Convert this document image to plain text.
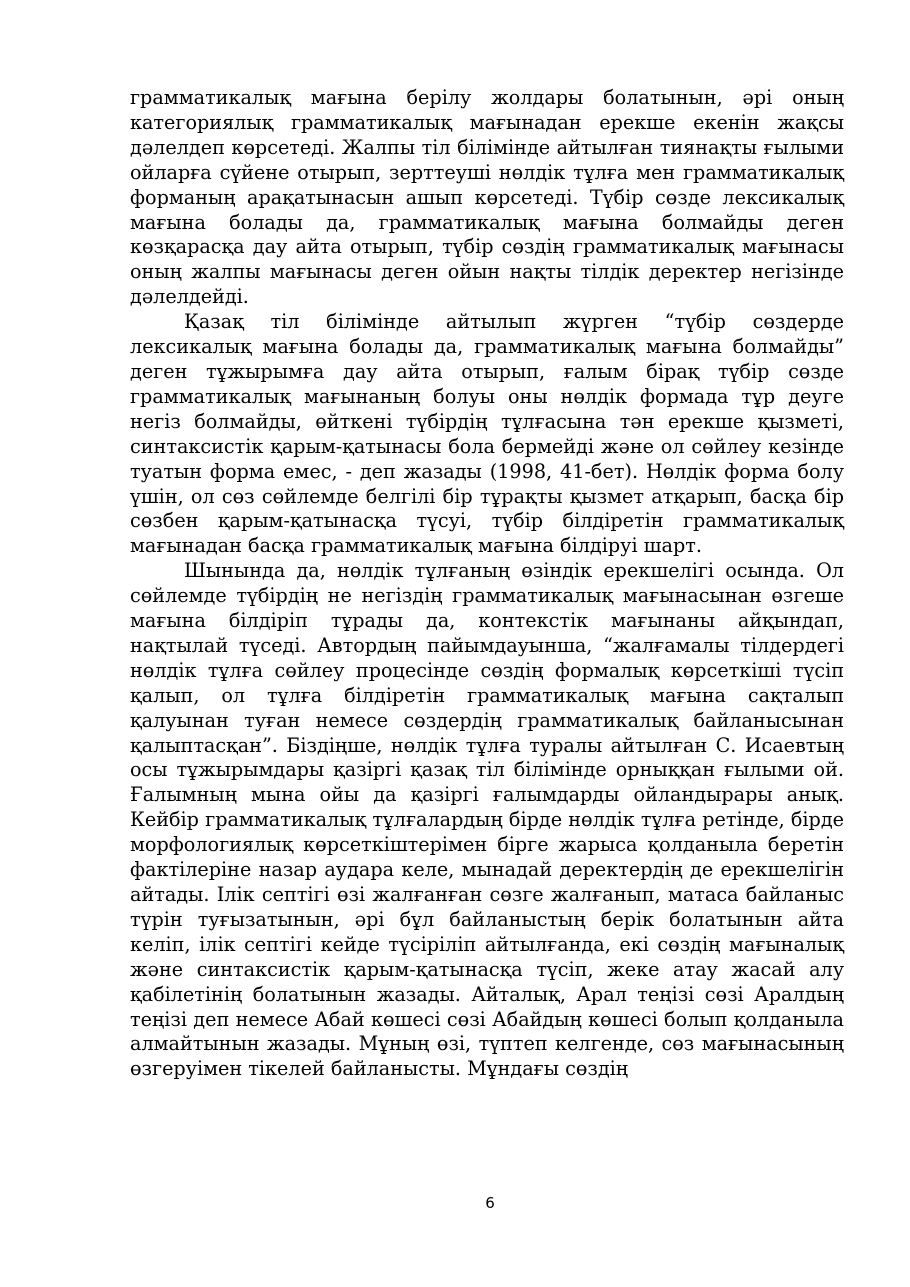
грамматикалық мағына берілу жолдары болатынын, әрі оның категориялық грамматикалық мағынадан ерекше екенін жақсы дәлелдеп көрсетеді. Жалпы тіл білімінде айтылған тиянақты ғылыми ойларға сүйене отырып, зерттеуші нөлдік тұлға мен грамматикалық форманың арақатынасын ашып көрсетеді. Түбір сөзде лексикалық мағына болады да, грамматикалық мағына болмайды деген көзқарасқа дау айта отырып, түбір сөздің грамматикалық мағынасы оның жалпы мағынасы деген ойын нақты тілдік деректер негізінде дәлелдейді.

Қазақ тіл білімінде айтылып жүрген “түбір сөздерде лексикалық мағына болады да, грамматикалық мағына болмайды” деген тұжырымға дау айта отырып, ғалым бірақ түбір сөзде грамматикалық мағынаның болуы оны нөлдік формада тұр деуге негіз болмайды, өйткені түбірдің тұлғасына тән ерекше қызметі, синтаксистік қарым-қатынасы бола бермейді және ол сөйлеу кезінде туатын форма емес, - деп жазады (1998, 41-бет). Нөлдік форма болу үшін, ол сөз сөйлемде белгілі бір тұрақты қызмет атқарып, басқа бір сөзбен қарым-қатынасқа түсуі, түбір білдіретін грамматикалық мағынадан басқа грамматикалық мағына білдіруі шарт.

Шынында да, нөлдік тұлғаның өзіндік ерекшелігі осында. Ол сөйлемде түбірдің не негіздің грамматикалық мағынасынан өзгеше мағына білдіріп тұрады да, контекстік мағынаны айқындап, нақтылай түседі. Автордың пайымдауынша, “жалғамалы тілдердегі нөлдік тұлға сөйлеу процесінде сөздің формалық көрсеткіші түсіп қалып, ол тұлға білдіретін грамматикалық мағына сақталып қалуынан туған немесе сөздердің грамматикалық байланысынан қалыптасқан”. Біздіңше, нөлдік тұлға туралы айтылған С. Исаевтың осы тұжырымдары қазіргі қазақ тіл білімінде орныққан ғылыми ой. Ғалымның мына ойы да қазіргі ғалымдарды ойландырары анық. Кейбір грамматикалық тұлғалардың бірде нөлдік тұлға ретінде, бірде морфологиялық көрсеткіштерімен бірге жарыса қолданыла беретін фактілеріне назар аудара келе, мынадай деректердің де ерекшелігін айтады. Ілік септігі өзі жалғанған сөзге жалғанып, матаса байланыс түрін туғызатынын, әрі бұл байланыстың берік болатынын айта келіп, ілік септігі кейде түсіріліп айтылғанда, екі сөздің мағыналық және синтаксистік қарым-қатынасқа түсіп, жеке атау жасай алу қабілетінің болатынын жазады. Айталық, Арал теңізі сөзі Аралдың теңізі деп немесе Абай көшесі сөзі Абайдың көшесі болып қолданыла алмайтынын жазады. Мұның өзі, түптеп келгенде, сөз мағынасының өзгеруімен тікелей байланысты. Мұндағы сөздің

6
